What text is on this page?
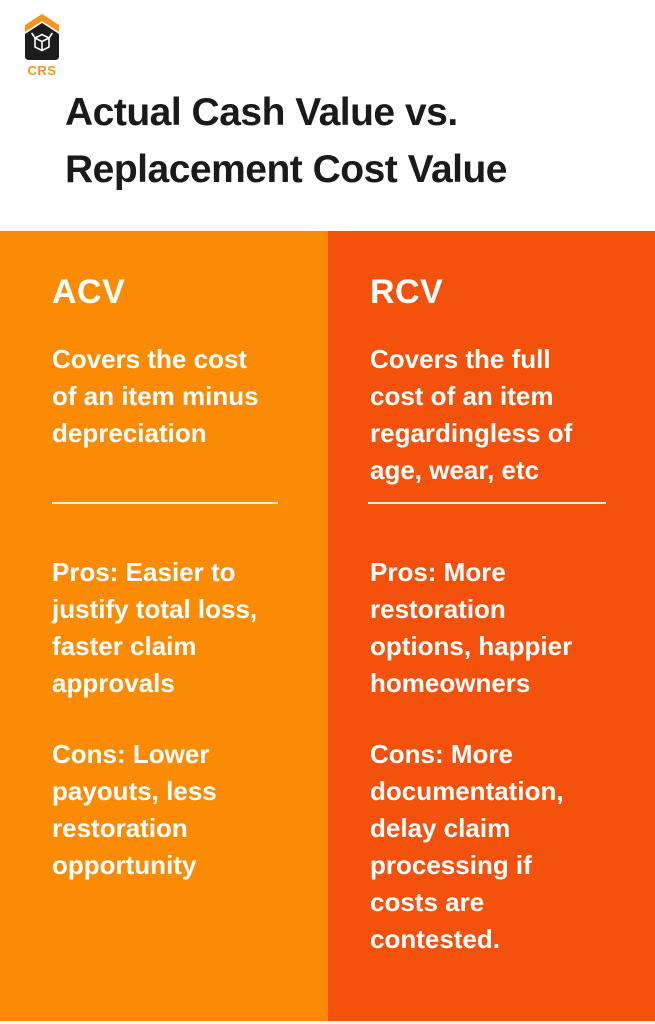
CRS
Actual Cash Value vs.
Replacement Cost Value
ACV

Covers the cost
of an item minus
depreciation

Pros: Easier to
justify total loss,
faster claim
approvals

Cons: Lower
payouts, less
restoration
opportunity

RCV

Covers the full
cost of an item
regardingless of
age, wear, etc

Pros: More
restoration
options, happier
homeowners

Cons: More
documentation,
delay claim
processing if
costs are
contested.
